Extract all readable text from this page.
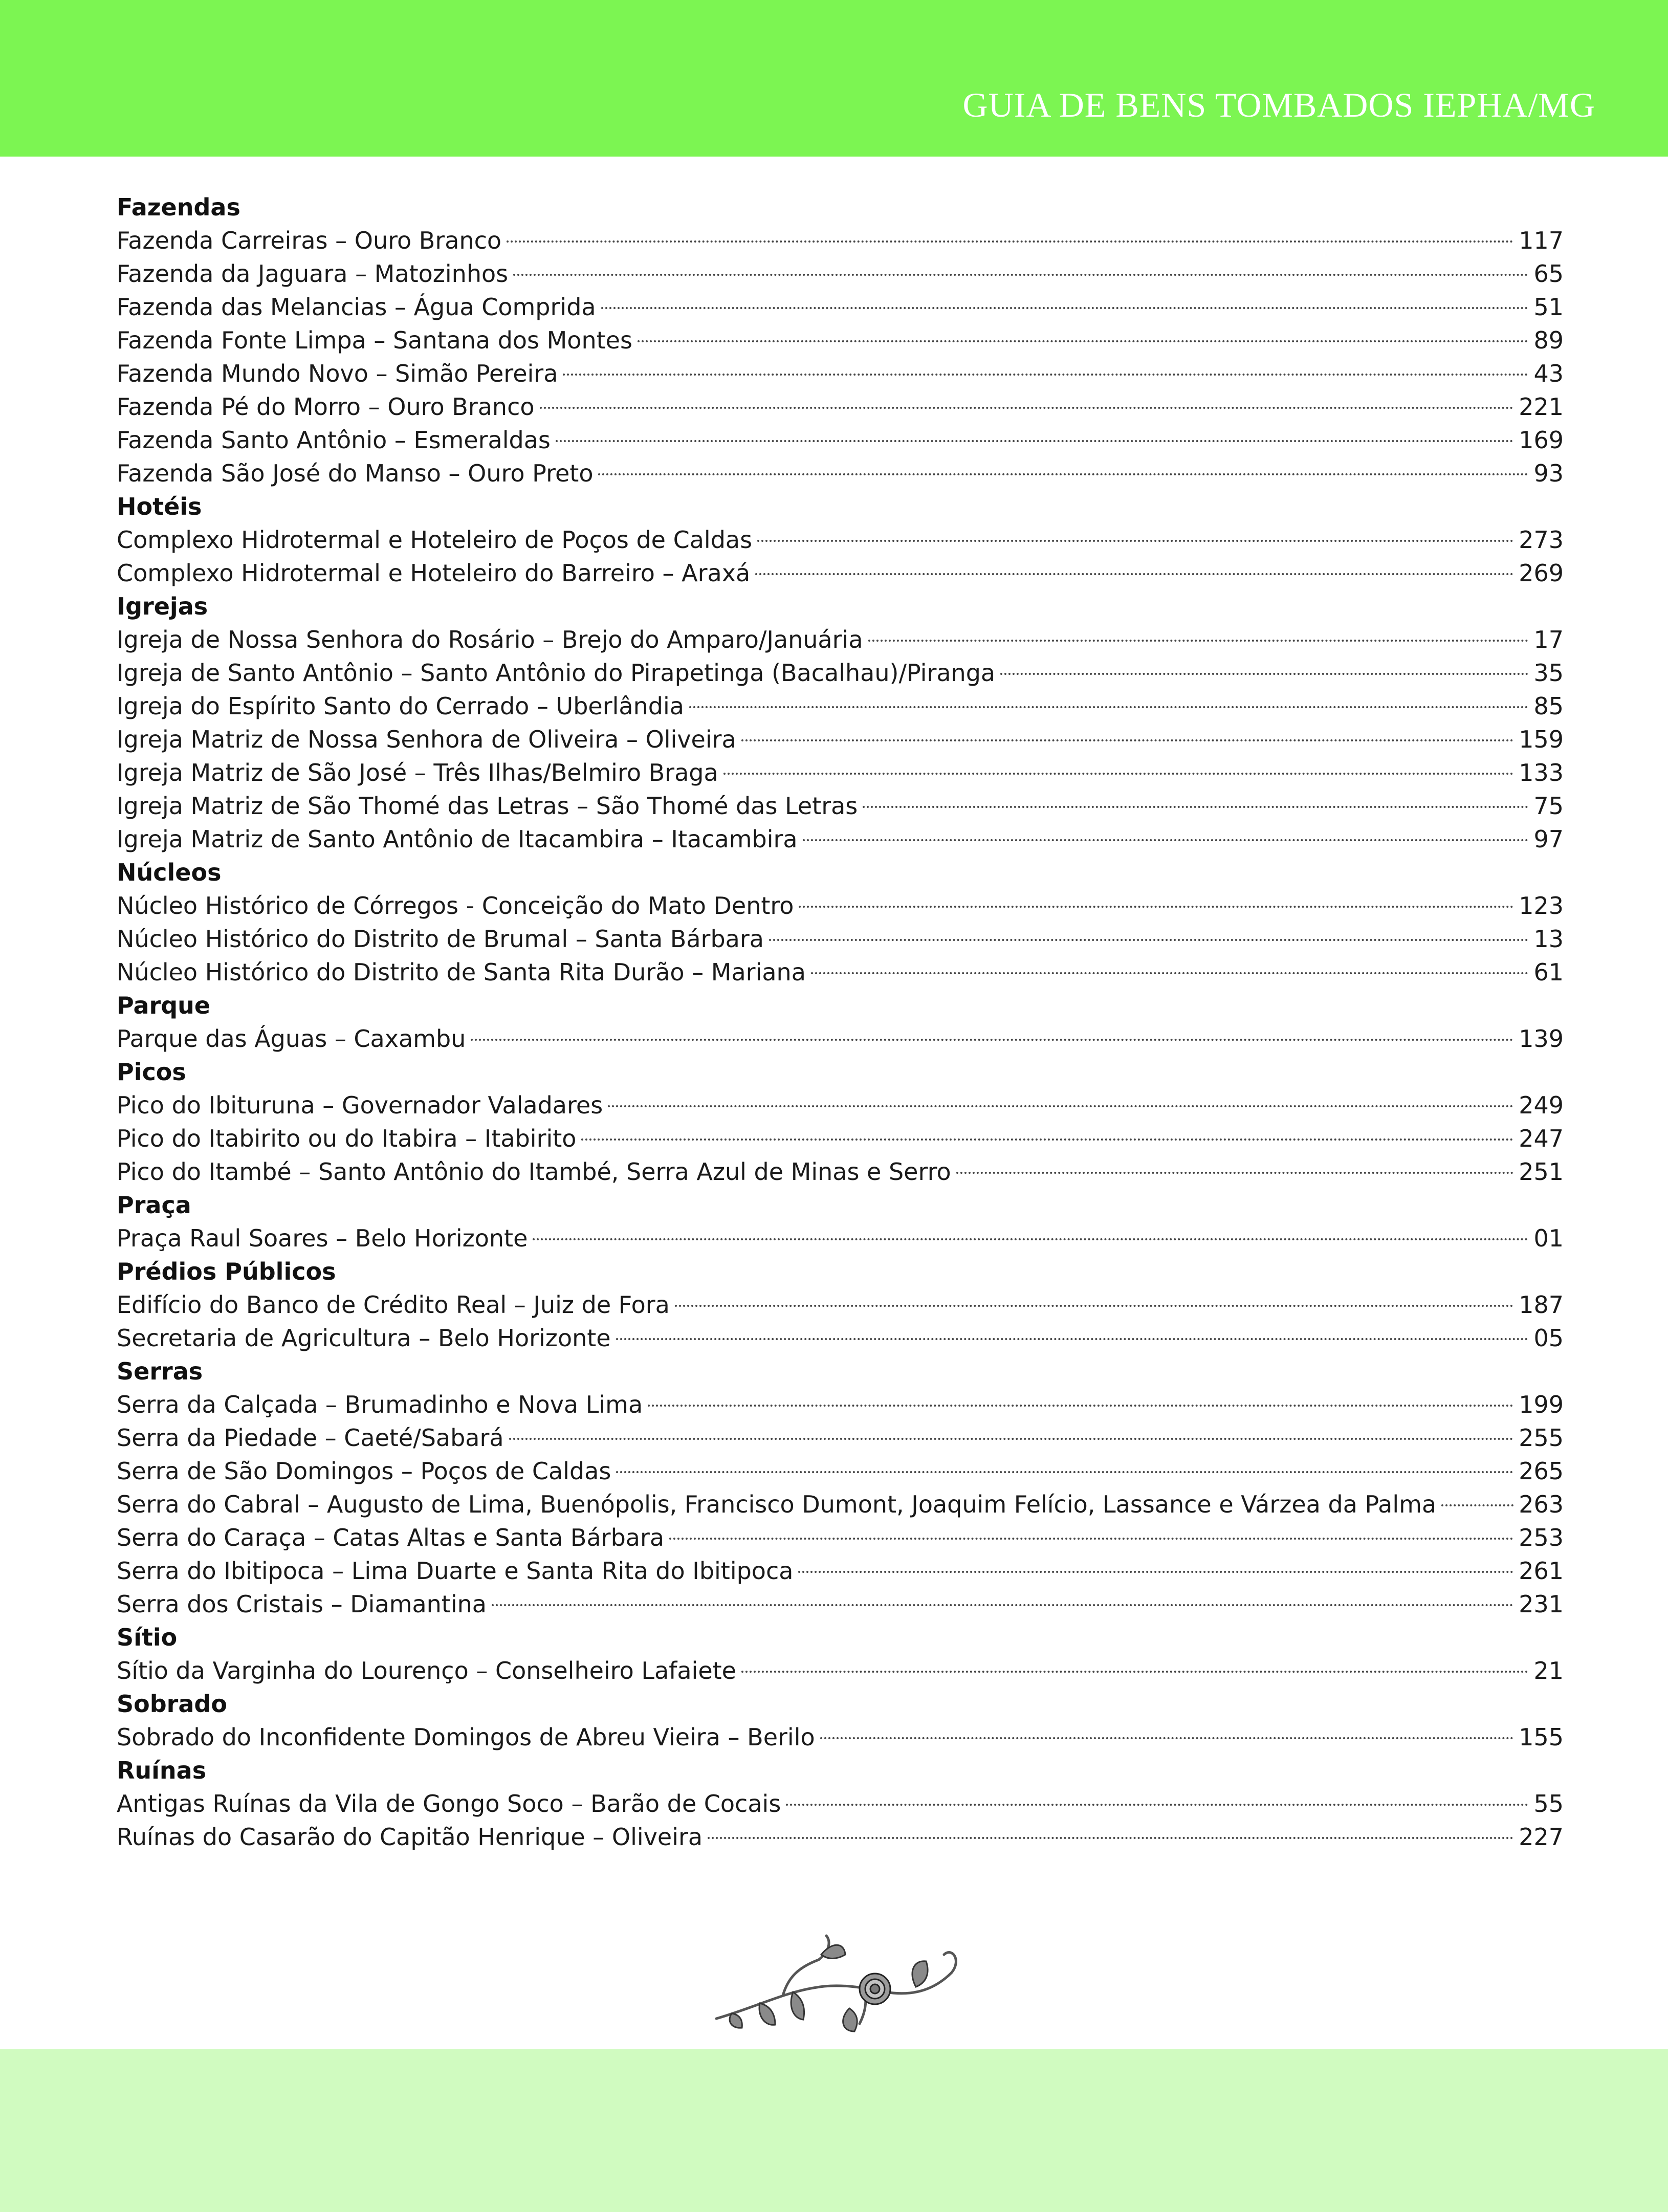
GUIA DE BENS TOMBADOS IEPHA/MG
Fazendas
Fazenda Carreiras – Ouro Branco	117
Fazenda da Jaguara – Matozinhos	65
Fazenda das Melancias – Água Comprida	51
Fazenda Fonte Limpa – Santana dos Montes	89
Fazenda Mundo Novo – Simão Pereira	43
Fazenda Pé do Morro – Ouro Branco	221
Fazenda Santo Antônio – Esmeraldas	169
Fazenda São José do Manso – Ouro Preto	93
Hotéis
Complexo Hidrotermal e Hoteleiro de Poços de Caldas	273
Complexo Hidrotermal e Hoteleiro do Barreiro – Araxá	269
Igrejas
Igreja de Nossa Senhora do Rosário – Brejo do Amparo/Januária	17
Igreja de Santo Antônio – Santo Antônio do Pirapetinga (Bacalhau)/Piranga	35
Igreja do Espírito Santo do Cerrado – Uberlândia	85
Igreja Matriz de Nossa Senhora de Oliveira – Oliveira	159
Igreja Matriz de São José – Três Ilhas/Belmiro Braga	133
Igreja Matriz de São Thomé das Letras – São Thomé das Letras	75
Igreja Matriz de Santo Antônio de Itacambira – Itacambira	97
Núcleos
Núcleo Histórico de Córregos - Conceição do Mato Dentro	123
Núcleo Histórico do Distrito de Brumal – Santa Bárbara	13
Núcleo Histórico do Distrito de Santa Rita Durão – Mariana	61
Parque
Parque das Águas – Caxambu	139
Picos
Pico do Ibituruna – Governador Valadares	249
Pico do Itabirito ou do Itabira – Itabirito	247
Pico do Itambé – Santo Antônio do Itambé, Serra Azul de Minas e Serro	251
Praça
Praça Raul Soares – Belo Horizonte	01
Prédios Públicos
Edifício do Banco de Crédito Real – Juiz de Fora	187
Secretaria de Agricultura – Belo Horizonte	05
Serras
Serra da Calçada – Brumadinho e Nova Lima	199
Serra da Piedade – Caeté/Sabará	255
Serra de São Domingos – Poços de Caldas	265
Serra do Cabral – Augusto de Lima, Buenópolis, Francisco Dumont, Joaquim Felício, Lassance e Várzea da Palma	263
Serra do Caraça – Catas Altas e Santa Bárbara	253
Serra do Ibitipoca – Lima Duarte e Santa Rita do Ibitipoca	261
Serra dos Cristais – Diamantina	231
Sítio
Sítio da Varginha do Lourenço – Conselheiro Lafaiete	21
Sobrado
Sobrado do Inconfidente Domingos de Abreu Vieira – Berilo	155
Ruínas
Antigas Ruínas da Vila de Gongo Soco – Barão de Cocais	55
Ruínas do Casarão do Capitão Henrique – Oliveira	227
